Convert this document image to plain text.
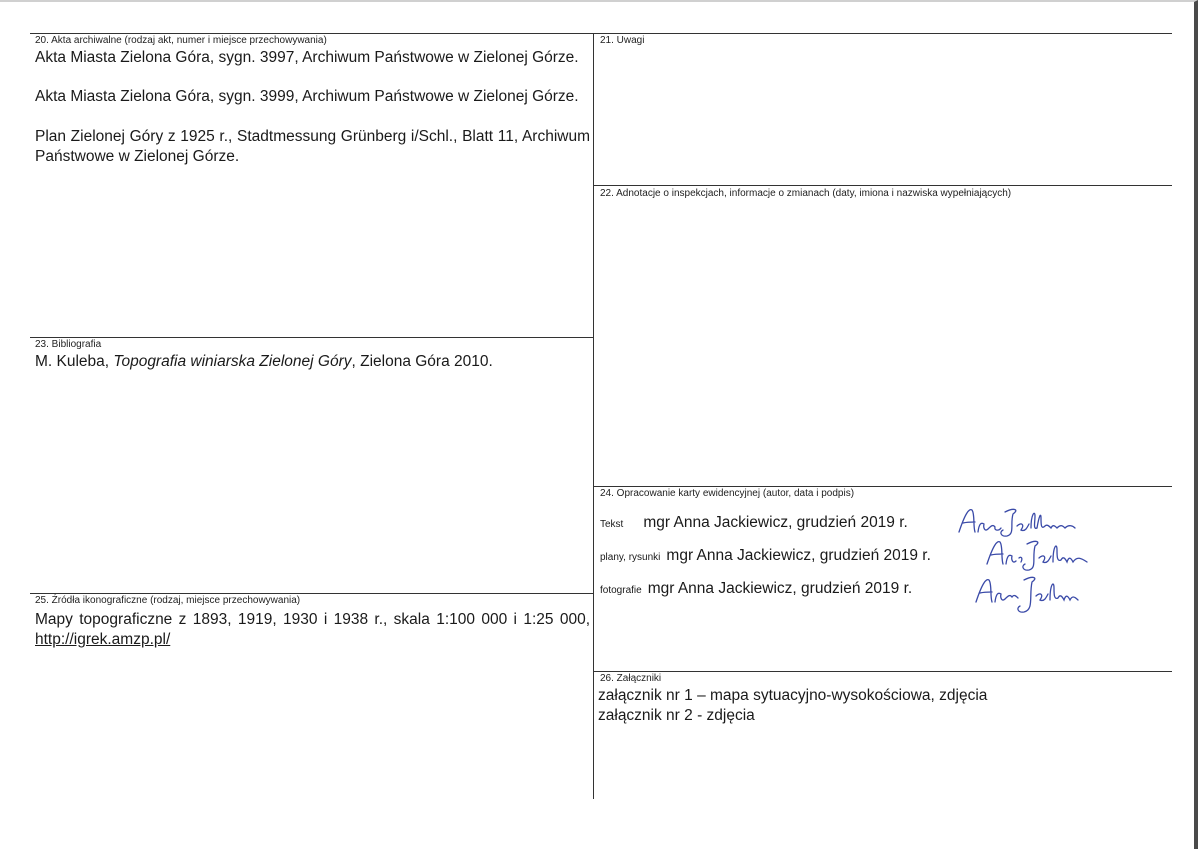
20. Akta archiwalne (rodzaj akt, numer i miejsce przechowywania)
Akta Miasta Zielona Góra, sygn. 3997, Archiwum Państwowe w Zielonej Górze.
Akta Miasta Zielona Góra, sygn. 3999, Archiwum Państwowe w Zielonej Górze.
Plan Zielonej Góry z 1925 r., Stadtmessung Grünberg i/Schl., Blatt 11, Archiwum Państwowe w Zielonej Górze.
21. Uwagi
22. Adnotacje o inspekcjach, informacje o zmianach (daty, imiona i nazwiska wypełniających)
23. Bibliografia
M. Kuleba, Topografia winiarska Zielonej Góry, Zielona Góra 2010.
24. Opracowanie karty ewidencyjnej (autor, data i podpis)
Tekst mgr Anna Jackiewicz, grudzień 2019 r.
plany, rysunki mgr Anna Jackiewicz, grudzień 2019 r.
fotografie mgr Anna Jackiewicz, grudzień 2019 r.
25. Źródła ikonograficzne (rodzaj, miejsce przechowywania)
Mapy topograficzne z 1893, 1919, 1930 i 1938 r., skala 1:100 000 i 1:25 000, http://igrek.amzp.pl/
26. Załączniki
załącznik nr 1 – mapa sytuacyjno-wysokościowa, zdjęcia
załącznik nr 2 - zdjęcia
